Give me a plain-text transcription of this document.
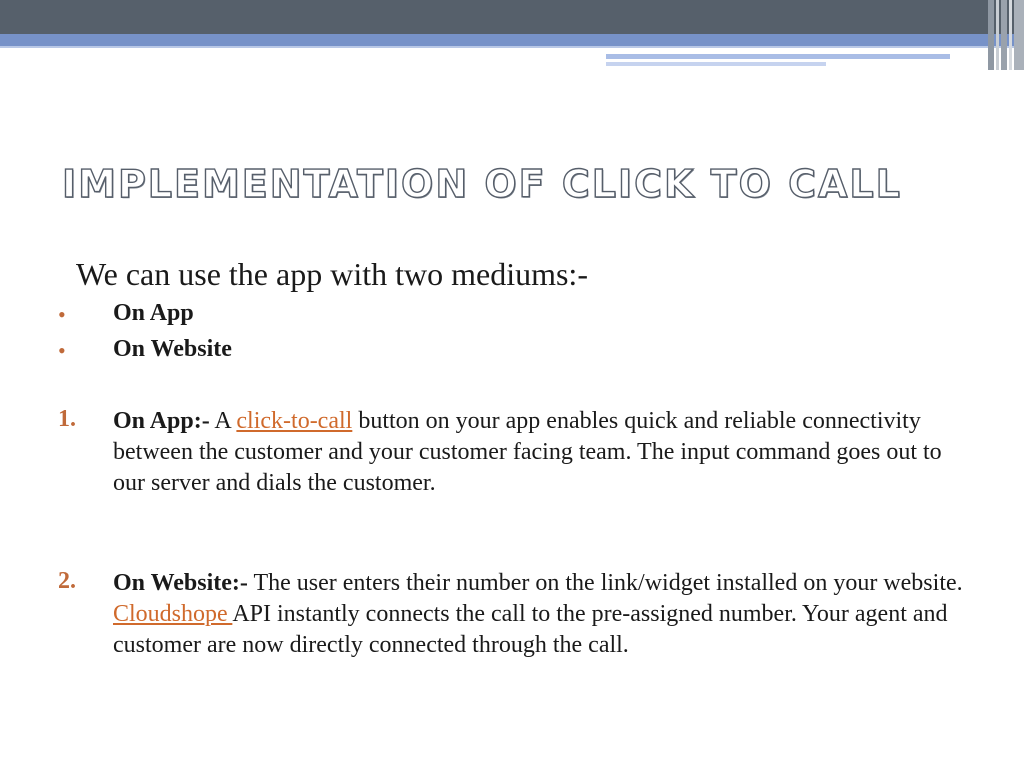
IMPLEMENTATION OF CLICK TO CALL

We can use the app with two mediums:-

• On App
• On Website
1. On App:- A click-to-call button on your app enables quick and reliable connectivity between the customer and your customer facing team. The input command goes out to our server and dials the customer.
2. On Website:- The user enters their number on the link/widget installed on your website. Cloudshope API instantly connects the call to the pre-assigned number. Your agent and customer are now directly connected through the call.
